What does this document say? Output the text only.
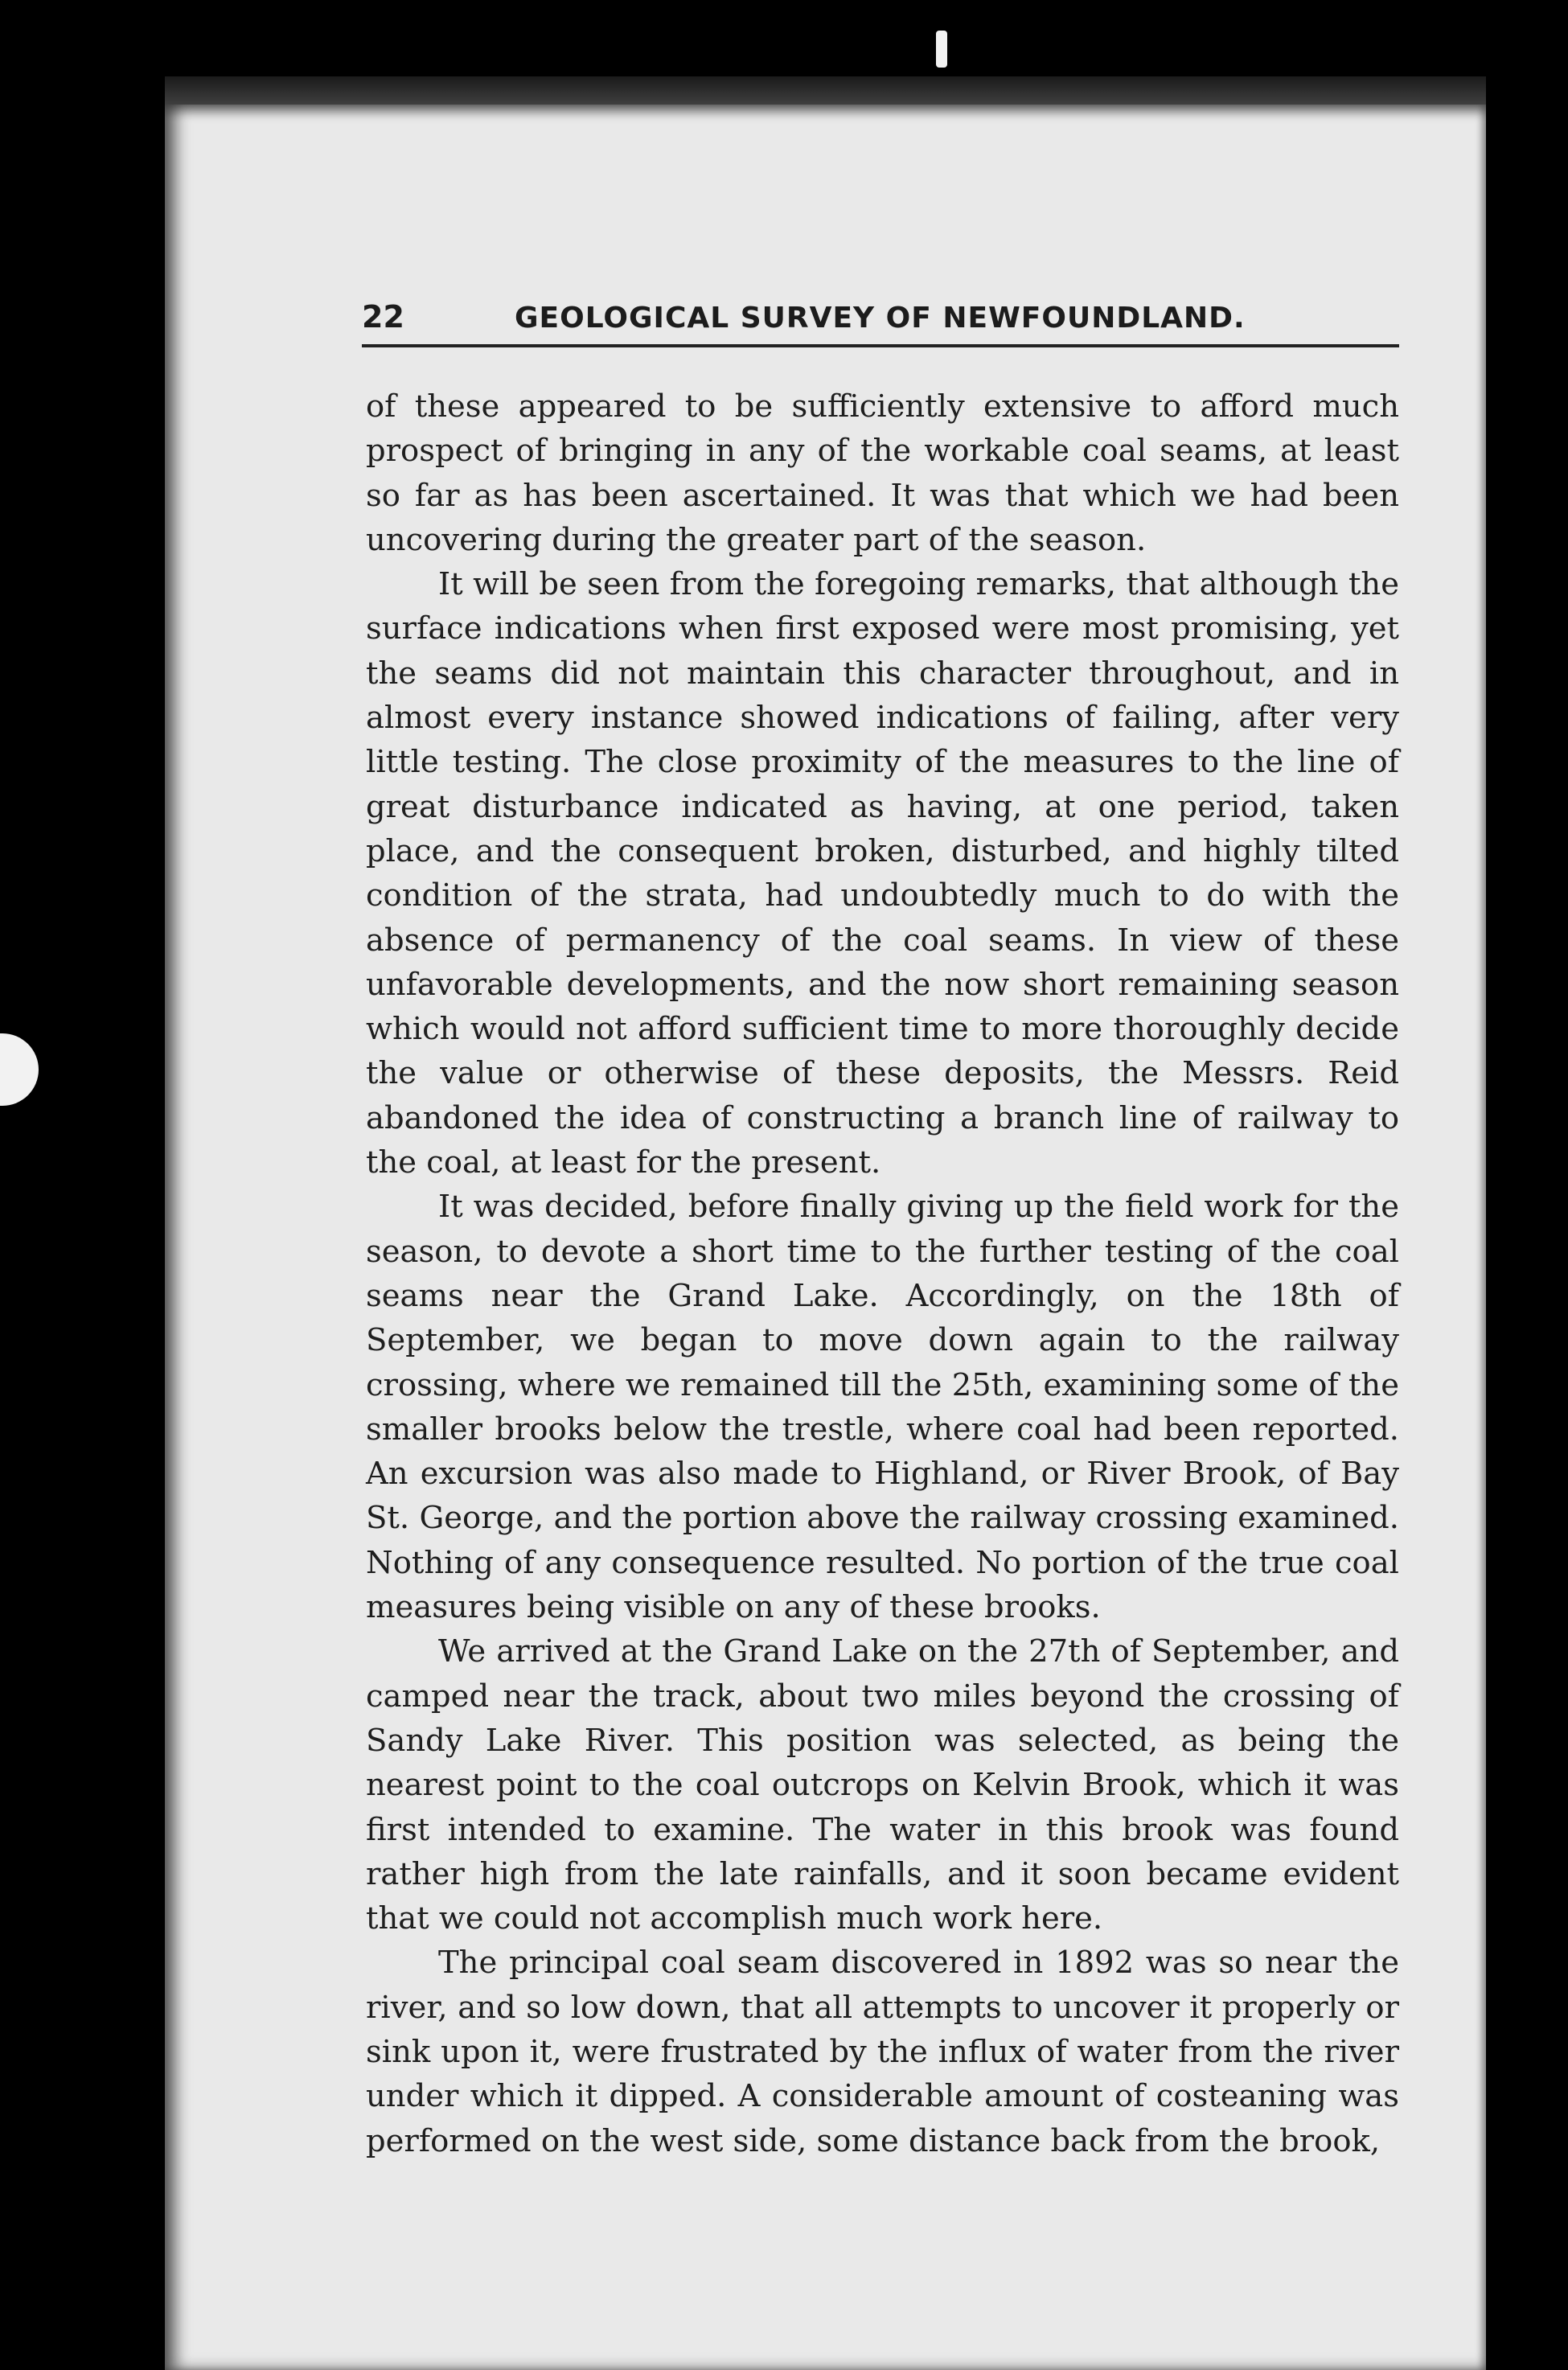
22	GEOLOGICAL SURVEY OF NEWFOUNDLAND.

of these appeared to be sufficiently extensive to afford much prospect of bringing in any of the workable coal seams, at least so far as has been ascertained. It was that which we had been uncovering during the greater part of the season.

It will be seen from the foregoing remarks, that although the surface indications when first exposed were most promising, yet the seams did not maintain this character throughout, and in almost every instance showed indications of failing, after very little testing. The close proximity of the measures to the line of great disturbance indicated as having, at one period, taken place, and the consequent broken, disturbed, and highly tilted condition of the strata, had undoubtedly much to do with the absence of permanency of the coal seams. In view of these unfavorable developments, and the now short remaining season which would not afford sufficient time to more thoroughly decide the value or otherwise of these deposits, the Messrs. Reid abandoned the idea of constructing a branch line of railway to the coal, at least for the present.

It was decided, before finally giving up the field work for the season, to devote a short time to the further testing of the coal seams near the Grand Lake. Accordingly, on the 18th of September, we began to move down again to the railway crossing, where we remained till the 25th, examining some of the smaller brooks below the trestle, where coal had been reported. An excursion was also made to Highland, or River Brook, of Bay St. George, and the portion above the railway crossing examined. Nothing of any consequence resulted. No portion of the true coal measures being visible on any of these brooks.

We arrived at the Grand Lake on the 27th of September, and camped near the track, about two miles beyond the crossing of Sandy Lake River. This position was selected, as being the nearest point to the coal outcrops on Kelvin Brook, which it was first intended to examine. The water in this brook was found rather high from the late rainfalls, and it soon became evident that we could not accomplish much work here.

The principal coal seam discovered in 1892 was so near the river, and so low down, that all attempts to uncover it properly or sink upon it, were frustrated by the influx of water from the river under which it dipped. A considerable amount of costeaning was performed on the west side, some distance back from the brook,
